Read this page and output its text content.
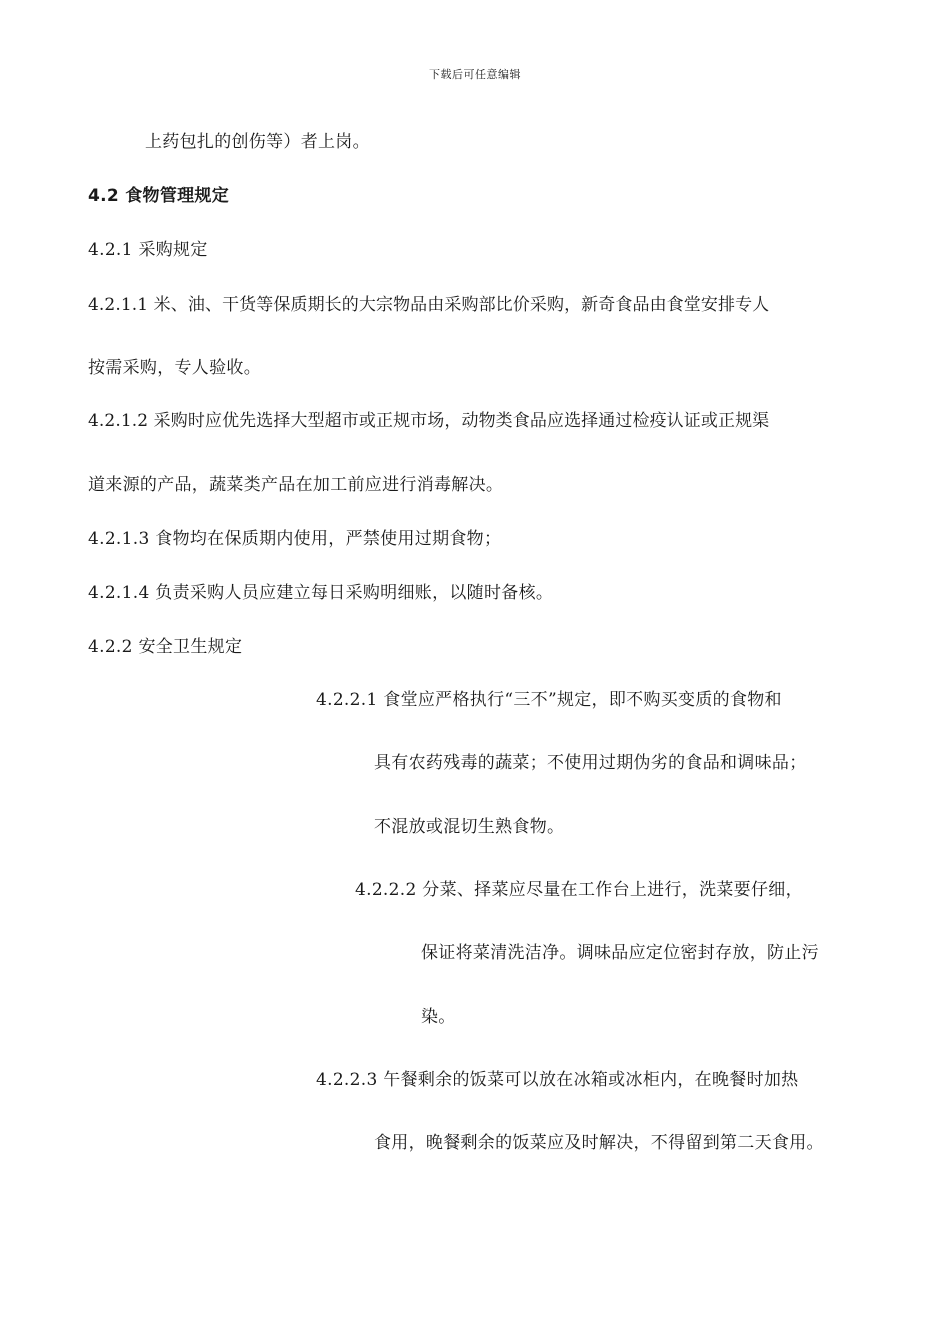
下载后可任意编辑
上药包扎的创伤等）者上岗。
4.2 食物管理规定
4.2.1 采购规定
4.2.1.1 米、油、干货等保质期长的大宗物品由采购部比价采购，新奇食品由食堂安排专人
按需采购，专人验收。
4.2.1.2 采购时应优先选择大型超市或正规市场，动物类食品应选择通过检疫认证或正规渠
道来源的产品，蔬菜类产品在加工前应进行消毒解决。
4.2.1.3 食物均在保质期内使用，严禁使用过期食物；
4.2.1.4 负责采购人员应建立每日采购明细账，以随时备核。
4.2.2 安全卫生规定
4.2.2.1 食堂应严格执行“三不”规定，即不购买变质的食物和
具有农药残毒的蔬菜；不使用过期伪劣的食品和调味品；
不混放或混切生熟食物。
4.2.2.2 分菜、择菜应尽量在工作台上进行，洗菜要仔细，
保证将菜清洗洁净。调味品应定位密封存放，防止污
染。
4.2.2.3 午餐剩余的饭菜可以放在冰箱或冰柜内，在晚餐时加热
食用，晚餐剩余的饭菜应及时解决，不得留到第二天食用。
